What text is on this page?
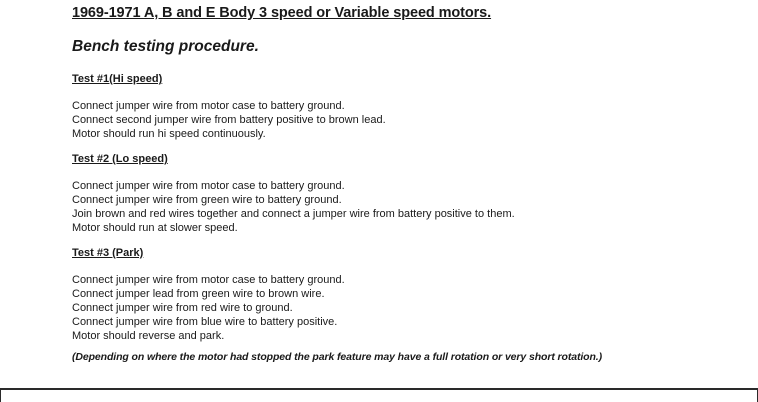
1969-1971 A, B and E Body 3 speed or Variable speed motors.
Bench testing procedure.
Test #1(Hi speed)
Connect jumper wire from motor case to battery ground.
Connect second jumper wire from battery positive to brown lead.
Motor should run hi speed continuously.
Test #2 (Lo speed)
Connect jumper wire from motor case to battery ground.
Connect jumper wire from green wire to battery ground.
Join brown and red wires together and connect a jumper wire from battery positive to them.
Motor should run at slower speed.
Test #3 (Park)
Connect jumper wire from motor case to battery ground.
Connect jumper lead from green wire to brown wire.
Connect jumper wire from red wire to ground.
Connect jumper wire from blue wire to battery positive.
Motor should reverse and park.
(Depending on where the motor had stopped the park feature may have a full rotation or very short rotation.)
